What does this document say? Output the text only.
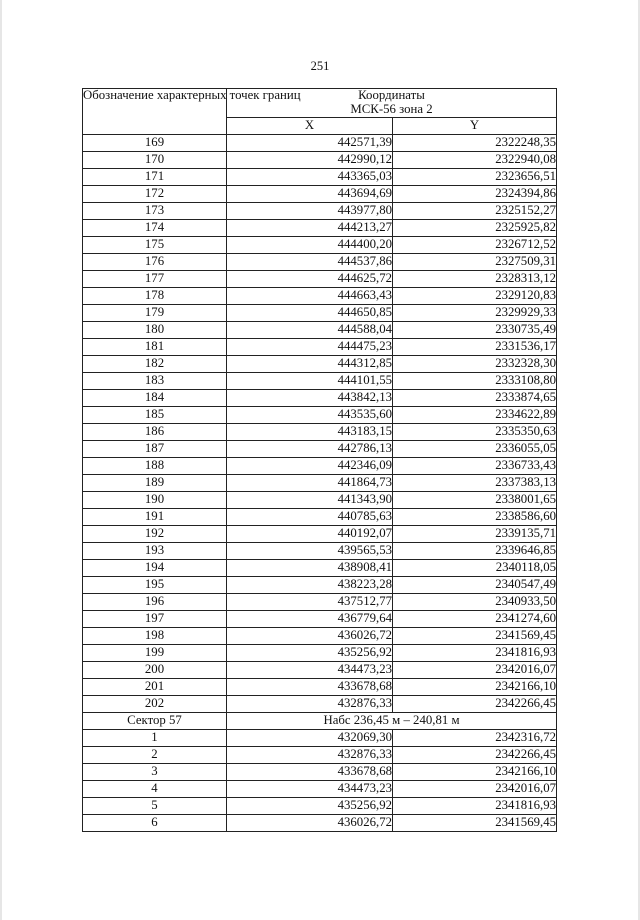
251
Обозначение характерных точек границ	Координаты
МСК-56 зона 2	

	X	Y
169	442571,39	2322248,35
170	442990,12	2322940,08
171	443365,03	2323656,51
172	443694,69	2324394,86
173	443977,80	2325152,27
174	444213,27	2325925,82
175	444400,20	2326712,52
176	444537,86	2327509,31
177	444625,72	2328313,12
178	444663,43	2329120,83
179	444650,85	2329929,33
180	444588,04	2330735,49
181	444475,23	2331536,17
182	444312,85	2332328,30
183	444101,55	2333108,80
184	443842,13	2333874,65
185	443535,60	2334622,89
186	443183,15	2335350,63
187	442786,13	2336055,05
188	442346,09	2336733,43
189	441864,73	2337383,13
190	441343,90	2338001,65
191	440785,63	2338586,60
192	440192,07	2339135,71
193	439565,53	2339646,85
194	438908,41	2340118,05
195	438223,28	2340547,49
196	437512,77	2340933,50
197	436779,64	2341274,60
198	436026,72	2341569,45
199	435256,92	2341816,93
200	434473,23	2342016,07
201	433678,68	2342166,10
202	432876,33	2342266,45
Сектор 57	Набс 236,45 м – 240,81 м	
1	432069,30	2342316,72
2	432876,33	2342266,45
3	433678,68	2342166,10
4	434473,23	2342016,07
5	435256,92	2341816,93
6	436026,72	2341569,45
